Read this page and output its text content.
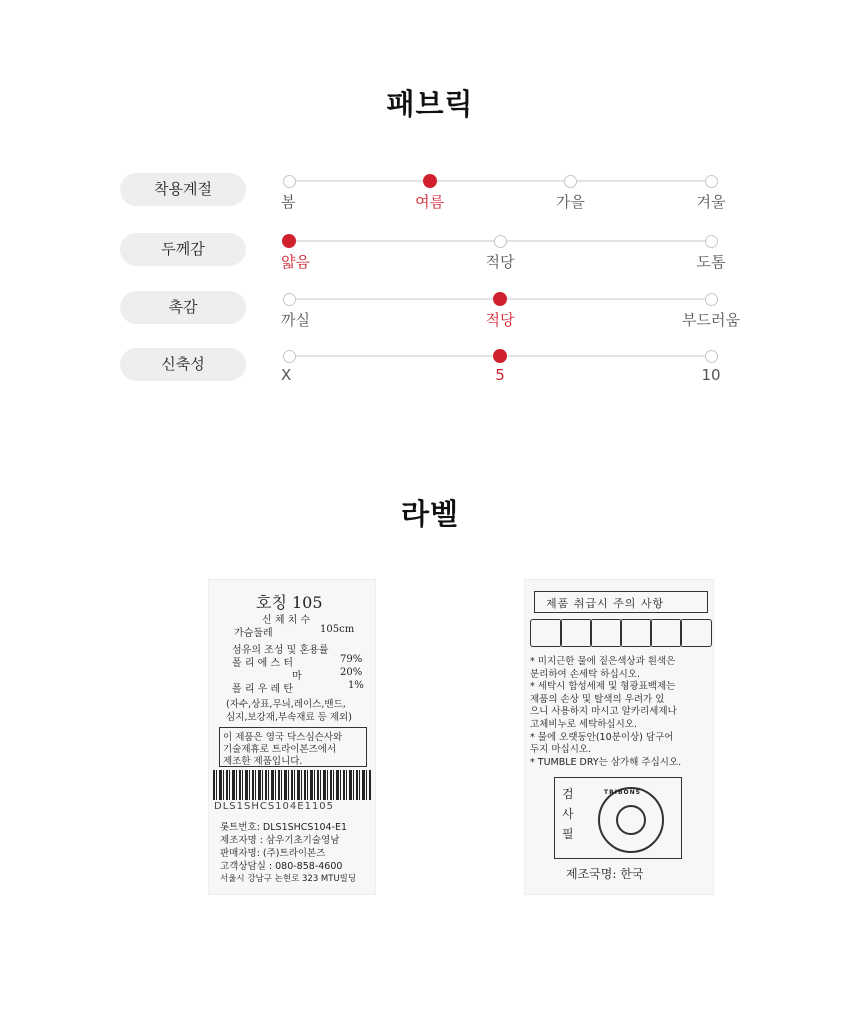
패브릭
착용계절
봄	여름	가을	겨울
두께감
얇음	적당	도톰
촉감
까실	적당	부드러움
신축성
X	5	10
라벨
호칭 105
신 체 치 수
가슴둘레	105cm
섬유의 조성 및 혼용률
폴 리 에 스 터	79%
마	20%
폴 리 우 레 탄	1%
(자수,상표,무늬,레이스,밴드,
심지,보강재,부속재료 등 제외)
이 제품은 영국 닥스심슨사와
기술제휴로 트라이본즈에서
제조한 제품입니다.
DLS1SHCS104E1105
롯트번호: DLS1SHCS104-E1
제조자명 : 삼우기초기술영남
판매자명: (주)트라이본즈
고객상담실 : 080-858-4600
서울시 강남구 논현로 323 MTU빌딩
제품 취급시 주의 사항
* 미지근한 물에 짙은색상과 흰색은
분리하여 손세탁 하십시오.
* 세탁시 합성세제 및 형광표백제는
제품의 손상 및 탈색의 우려가 있
으니 사용하지 마시고 알카리세제나
고체비누로 세탁하십시오.
* 물에 오랫동안(10분이상) 담구어
두지 마십시오.
* TUMBLE DRY는 삼가해 주십시오.
검
사
필
TRIBONS
제조국명: 한국
